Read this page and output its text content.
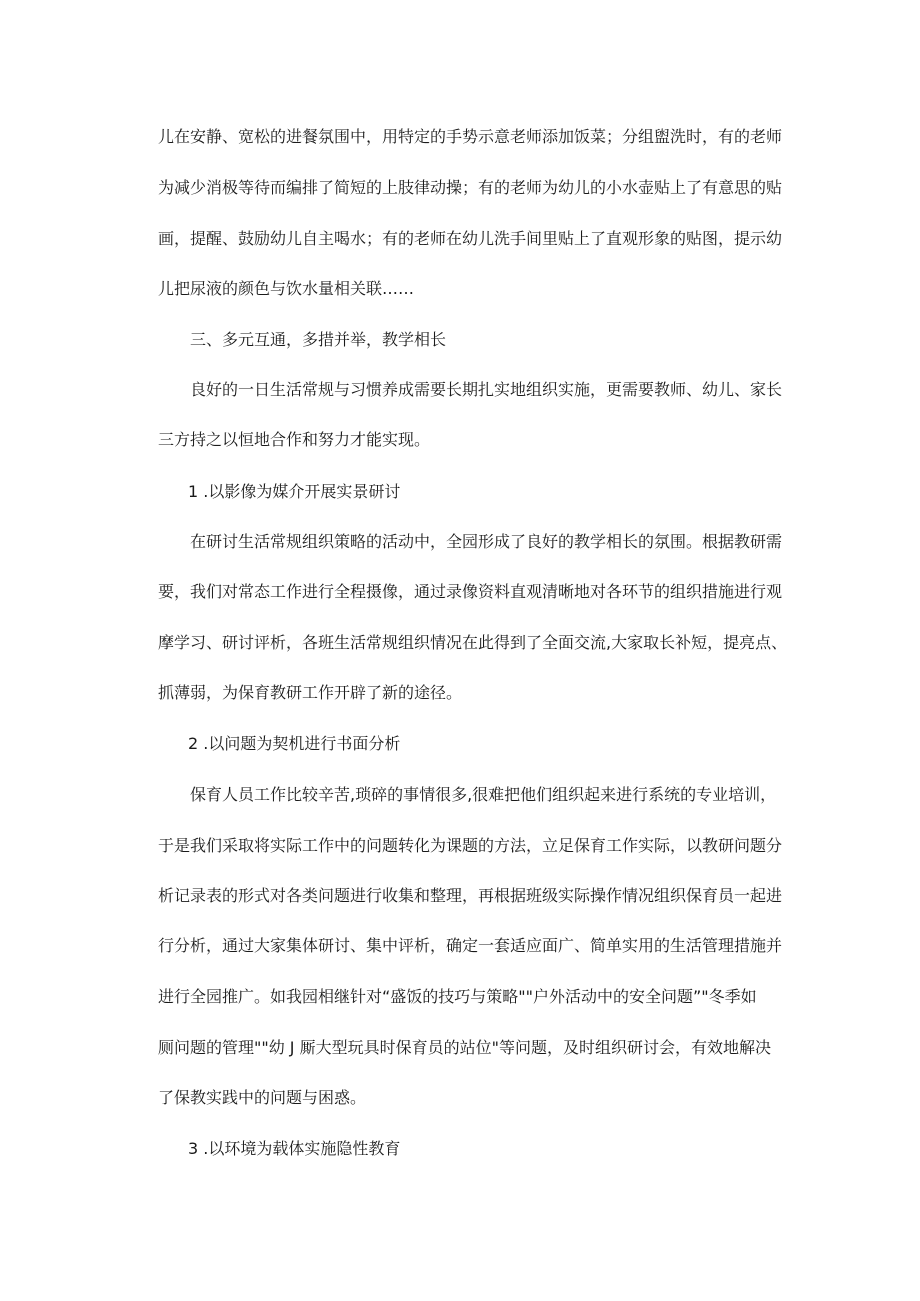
儿在安静、宽松的进餐氛围中，用特定的手势示意老师添加饭菜；分组盥洗时，有的老师
为减少消极等待而编排了简短的上肢律动操；有的老师为幼儿的小水壶贴上了有意思的贴
画，提醒、鼓励幼儿自主喝水；有的老师在幼儿洗手间里贴上了直观形象的贴图，提示幼
儿把尿液的颜色与饮水量相关联……
三、多元互通，多措并举，教学相长
良好的一日生活常规与习惯养成需要长期扎实地组织实施，更需要教师、幼儿、家长
三方持之以恒地合作和努力才能实现。
1 .以影像为媒介开展实景研讨
在研讨生活常规组织策略的活动中，全园形成了良好的教学相长的氛围。根据教研需
要，我们对常态工作进行全程摄像，通过录像资料直观清晰地对各环节的组织措施进行观
摩学习、研讨评析，各班生活常规组织情况在此得到了全面交流,大家取长补短，提亮点、
抓薄弱，为保育教研工作开辟了新的途径。
2 .以问题为契机进行书面分析
保育人员工作比较辛苦,琐碎的事情很多,很难把他们组织起来进行系统的专业培训，
于是我们采取将实际工作中的问题转化为课题的方法，立足保育工作实际，以教研问题分
析记录表的形式对各类问题进行收集和整理，再根据班级实际操作情况组织保育员一起进
行分析，通过大家集体研讨、集中评析，确定一套适应面广、简单实用的生活管理措施并
进行全园推广。如我园相继针对“盛饭的技巧与策略""户外活动中的安全问题”"冬季如
厕问题的管理""幼 J 厮大型玩具时保育员的站位"等问题，及时组织研讨会，有效地解决
了保教实践中的问题与困惑。
3 .以环境为载体实施隐性教育
